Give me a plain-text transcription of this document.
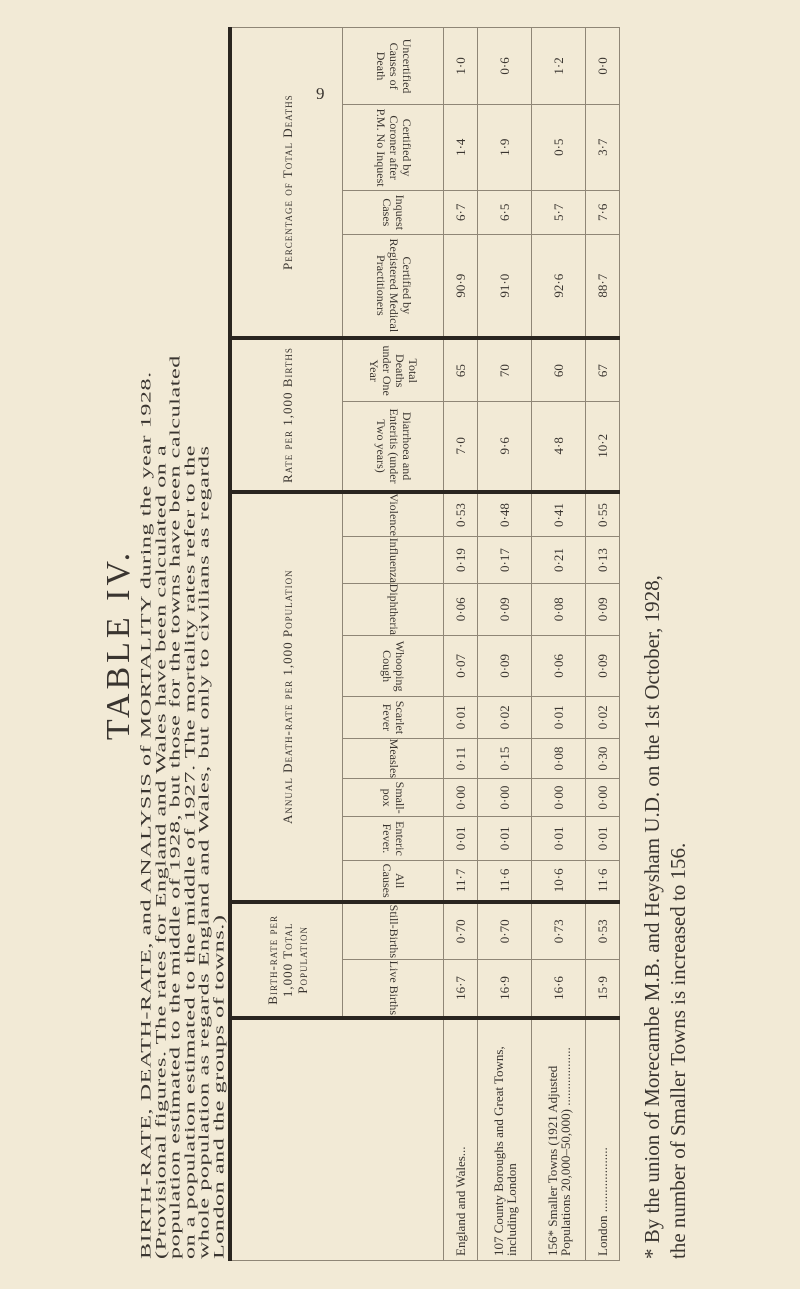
9
TABLE IV.
	Birth-rate per 1,000 Total Population		Annual Death-rate per 1,000 Population									Rate per 1,000 Births		Percentage of Total Deaths			
	Live Births	Still-Births	All Causes	Enteric Fever.	Small-pox	Measles	Scarlet Fever	Whooping Cough	Diphtheria	Influenza	Violence	Diarrhoea and Enteritis (under Two years)	Total Deaths under One Year	Certified by Registered Medical Practitioners	Inquest Cases	Certified by Coroner after P.M. No Inquest	Uncertified Causes of Death
England and Wales...	16·7	0·70	11·7	0·01	0·00	0·11	0·01	0·07	0·06	0·19	0·53	7·0	65	90·9	6·7	1·4	1·0
107 County Boroughs and Great Towns, including London	16·9	0·70	11·6	0·01	0·00	0·15	0·02	0·09	0·09	0·17	0·48	9·6	70	91·0	6·5	1·9	0·6
156* Smaller Towns (1921 Adjusted Populations 20,000–50,000) ..................	16·6	0·73	10·6	0·01	0·00	0·08	0·01	0·06	0·08	0·21	0·41	4·8	60	92·6	5·7	0·5	1·2
London ....................	15·9	0·53	11·6	0·01	0·00	0·30	0·02	0·09	0·09	0·13	0·55	10·2	67	88·7	7·6	3·7	0·0
* By the union of Morecambe M.B. and Heysham U.D. on the 1st October, 1928, the number of Smaller Towns is increased to 156.
BIRTH-RATE, DEATH-RATE, and ANALYSIS of MORTALITY during the year 1928.
(Provisional figures. The rates for England and Wales have been calculated on a
population estimated to the middle of 1928, but those for the towns have been calculated on a population estimated to the middle of 1927. The mortality rates refer to the
whole population as regards England and Wales, but only to civilians as regards London and the groups of towns.)
